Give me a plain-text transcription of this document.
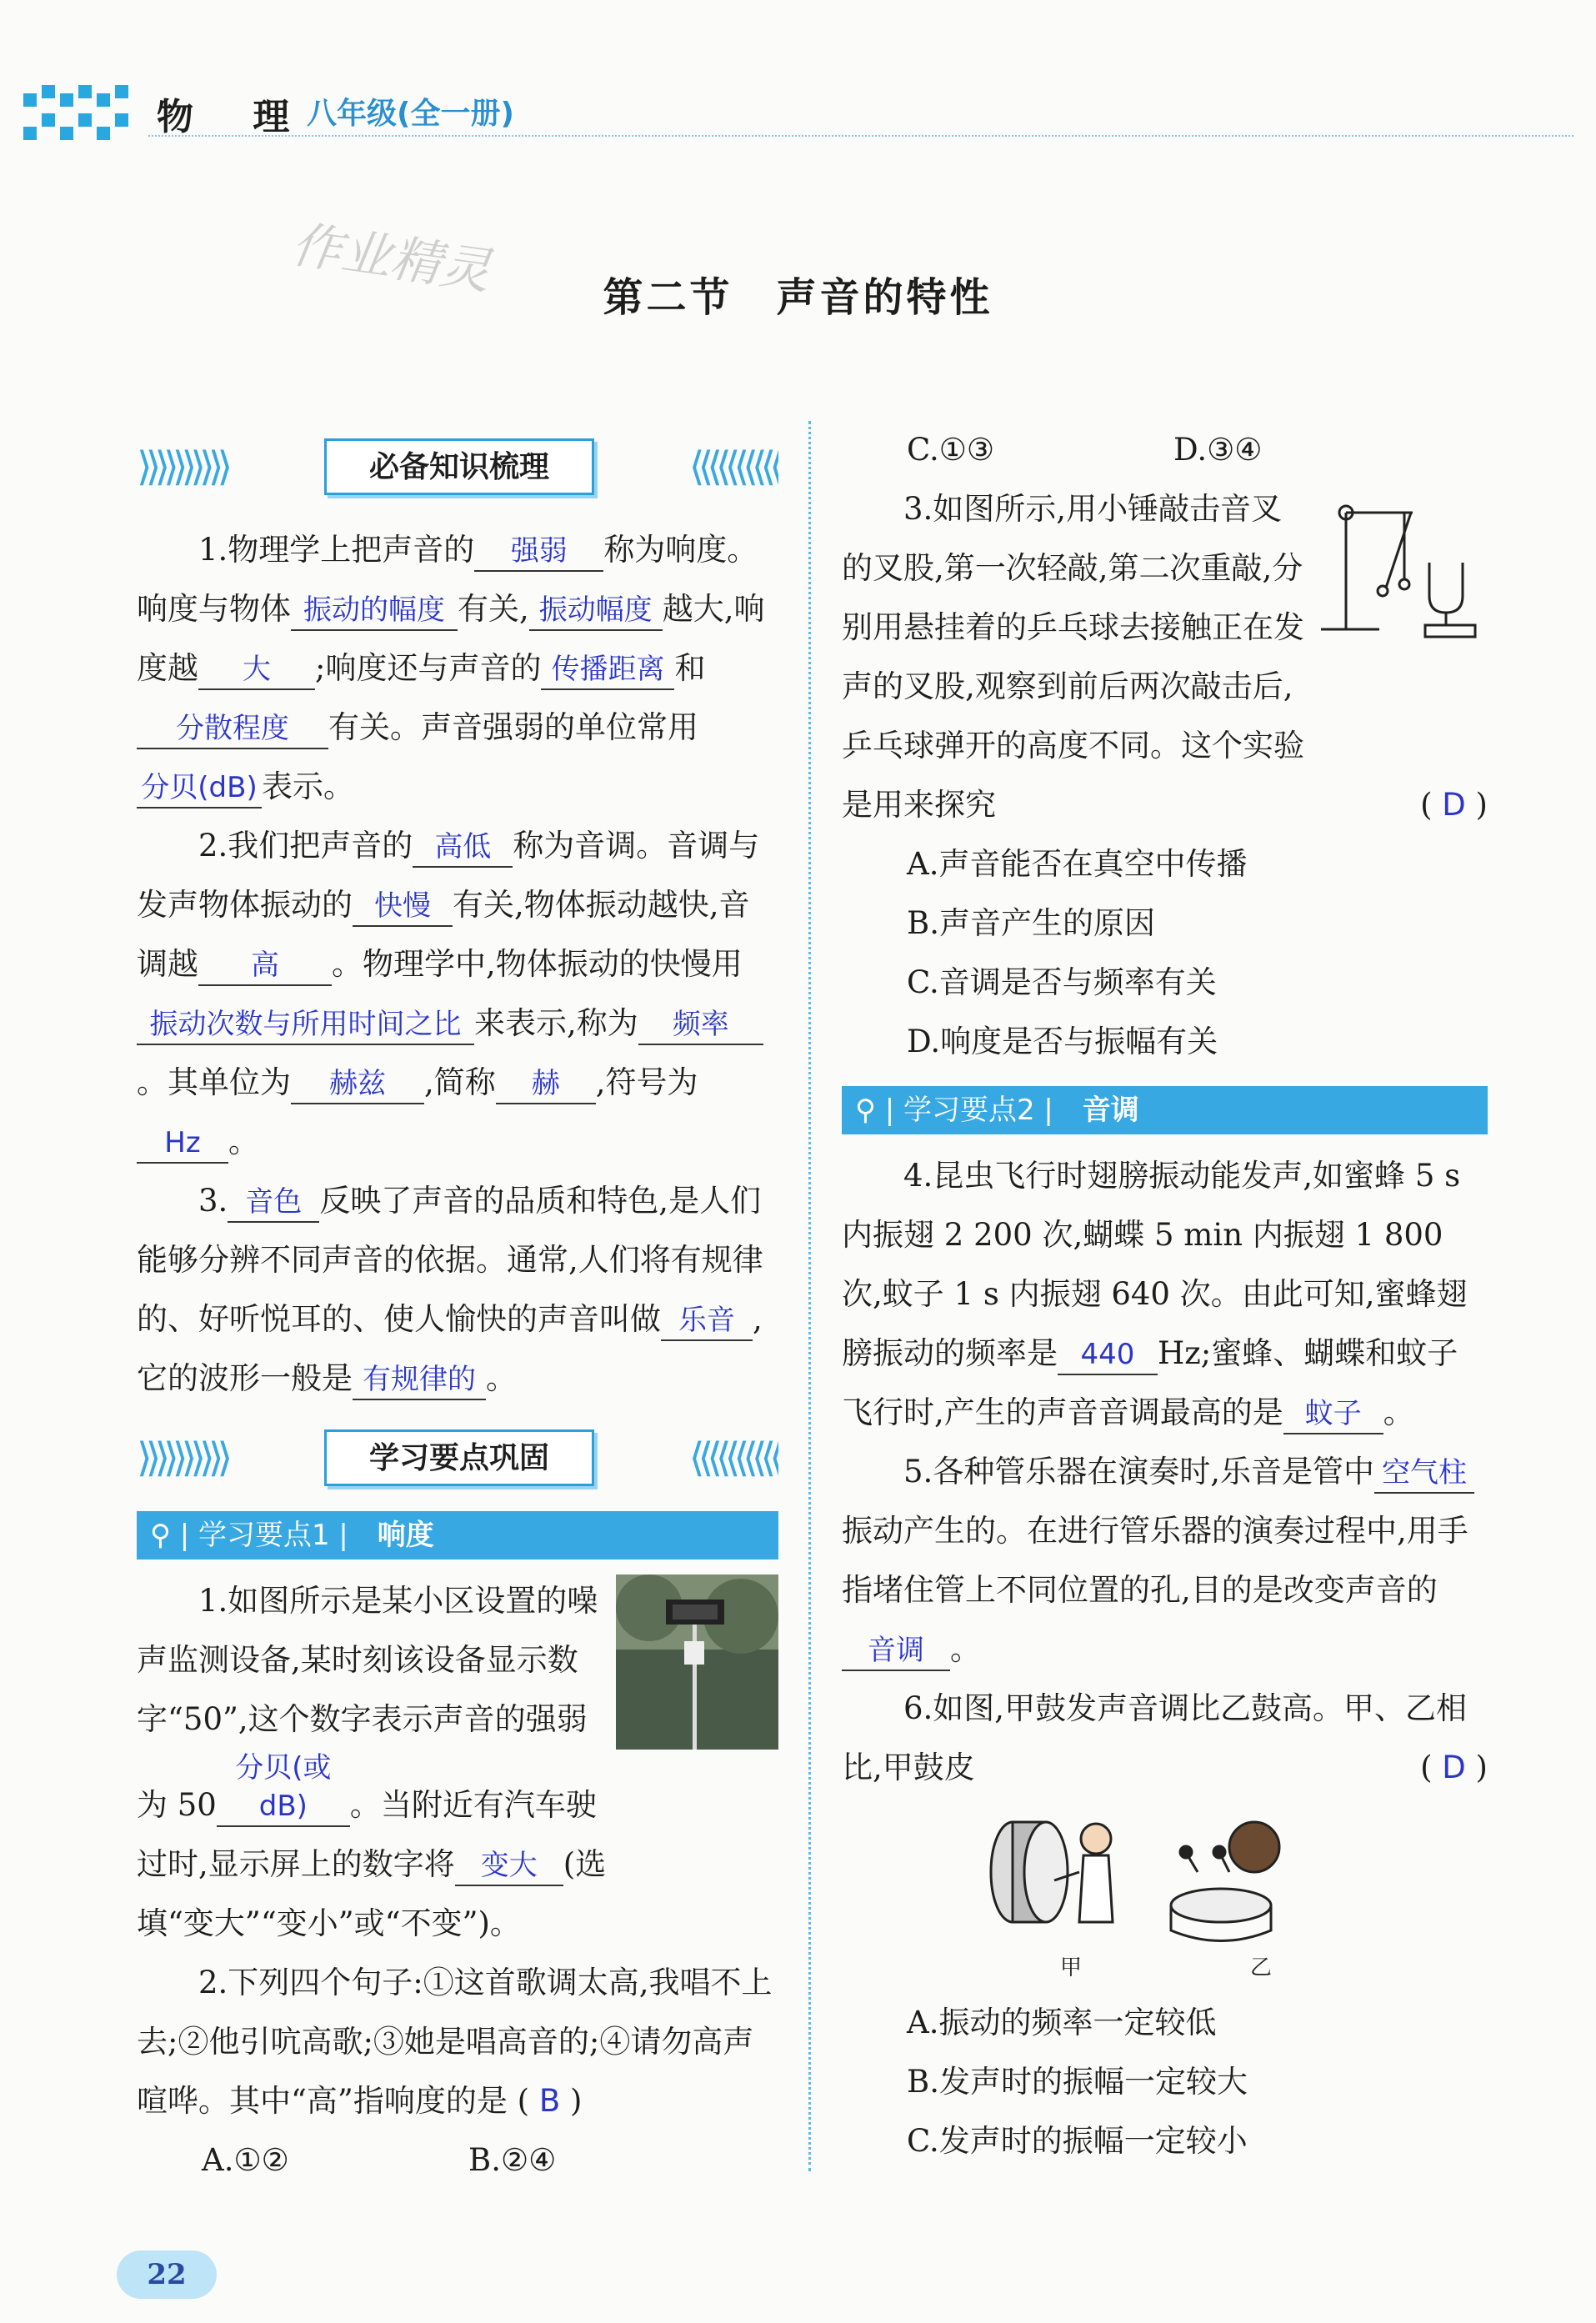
物 理
八年级(全一册)
作业精灵	第二节　声音的特性
⟩⟩⟩⟩⟩⟩⟩⟩⟩⟩	必备知识梳理	⟨⟨⟨⟨⟨⟨⟨⟨⟨⟨

1.物理学上把声音的 强弱 称为响度。响度与物体 振动的幅度 有关, 振动幅度 越大,响度越 大 ;响度还与声音的 传播距离 和分散程度 有关。声音强弱的单位常用分贝(dB) 表示。

2.我们把声音的 高低 称为音调。音调与发声物体振动的 快慢 有关,物体振动越快,音调越 高 。物理学中,物体振动的快慢用振动次数与所用时间之比 来表示,称为 频率。其单位为 赫兹 ,简称 赫 ,符号为Hz 。

3. 音色 反映了声音的品质和特色,是人们能够分辨不同声音的依据。通常,人们将有规律的、好听悦耳的、使人愉快的声音叫做 乐音 ,它的波形一般是 有规律的 。

⟩⟩⟩⟩⟩⟩⟩⟩⟩⟩	学习要点巩固	⟨⟨⟨⟨⟨⟨⟨⟨⟨⟨
⚲ | 学习要点1 | 响度

1.如图所示是某小区设置的噪声监测设备,某时刻该设备显示数字“50”,这个数字表示声音的强弱为 50分贝(或dB) 。当附近有汽车驶过时,显示屏上的数字将 变大 (选填“变大”“变小”或“不变”)。

2.下列四个句子:①这首歌调太高,我唱不上去;②他引吭高歌;③她是唱高音的;④请勿高声喧哗。其中“高”指响度的是 ( B )

A.①②	B.②④

C.①③	D.③④

3.如图所示,用小锤敲击音叉的叉股,第一次轻敲,第二次重敲,分别用悬挂着的乒乓球去接触正在发声的叉股,观察到前后两次敲击后,乒乓球弹开的高度不同。这个实验是用来探究	( D )

A.声音能否在真空中传播

B.声音产生的原因

C.音调是否与频率有关

D.响度是否与振幅有关

⚲ | 学习要点2 | 音调

4.昆虫飞行时翅膀振动能发声,如蜜蜂 5 s 内振翅 2 200 次,蝴蝶 5 min 内振翅 1 800 次,蚊子 1 s 内振翅 640 次。由此可知,蜜蜂翅膀振动的频率是 440 Hz;蜜蜂、蝴蝶和蚊子飞行时,产生的声音音调最高的是 蚊子 。

5.各种管乐器在演奏时,乐音是管中 空气柱振动产生的。在进行管乐器的演奏过程中,用手指堵住管上不同位置的孔,目的是改变声音的音调 。

6.如图,甲鼓发声音调比乙鼓高。甲、乙相比,甲鼓皮	( D )

甲	乙

A.振动的频率一定较低

B.发声时的振幅一定较大

C.发声时的振幅一定较小

22
